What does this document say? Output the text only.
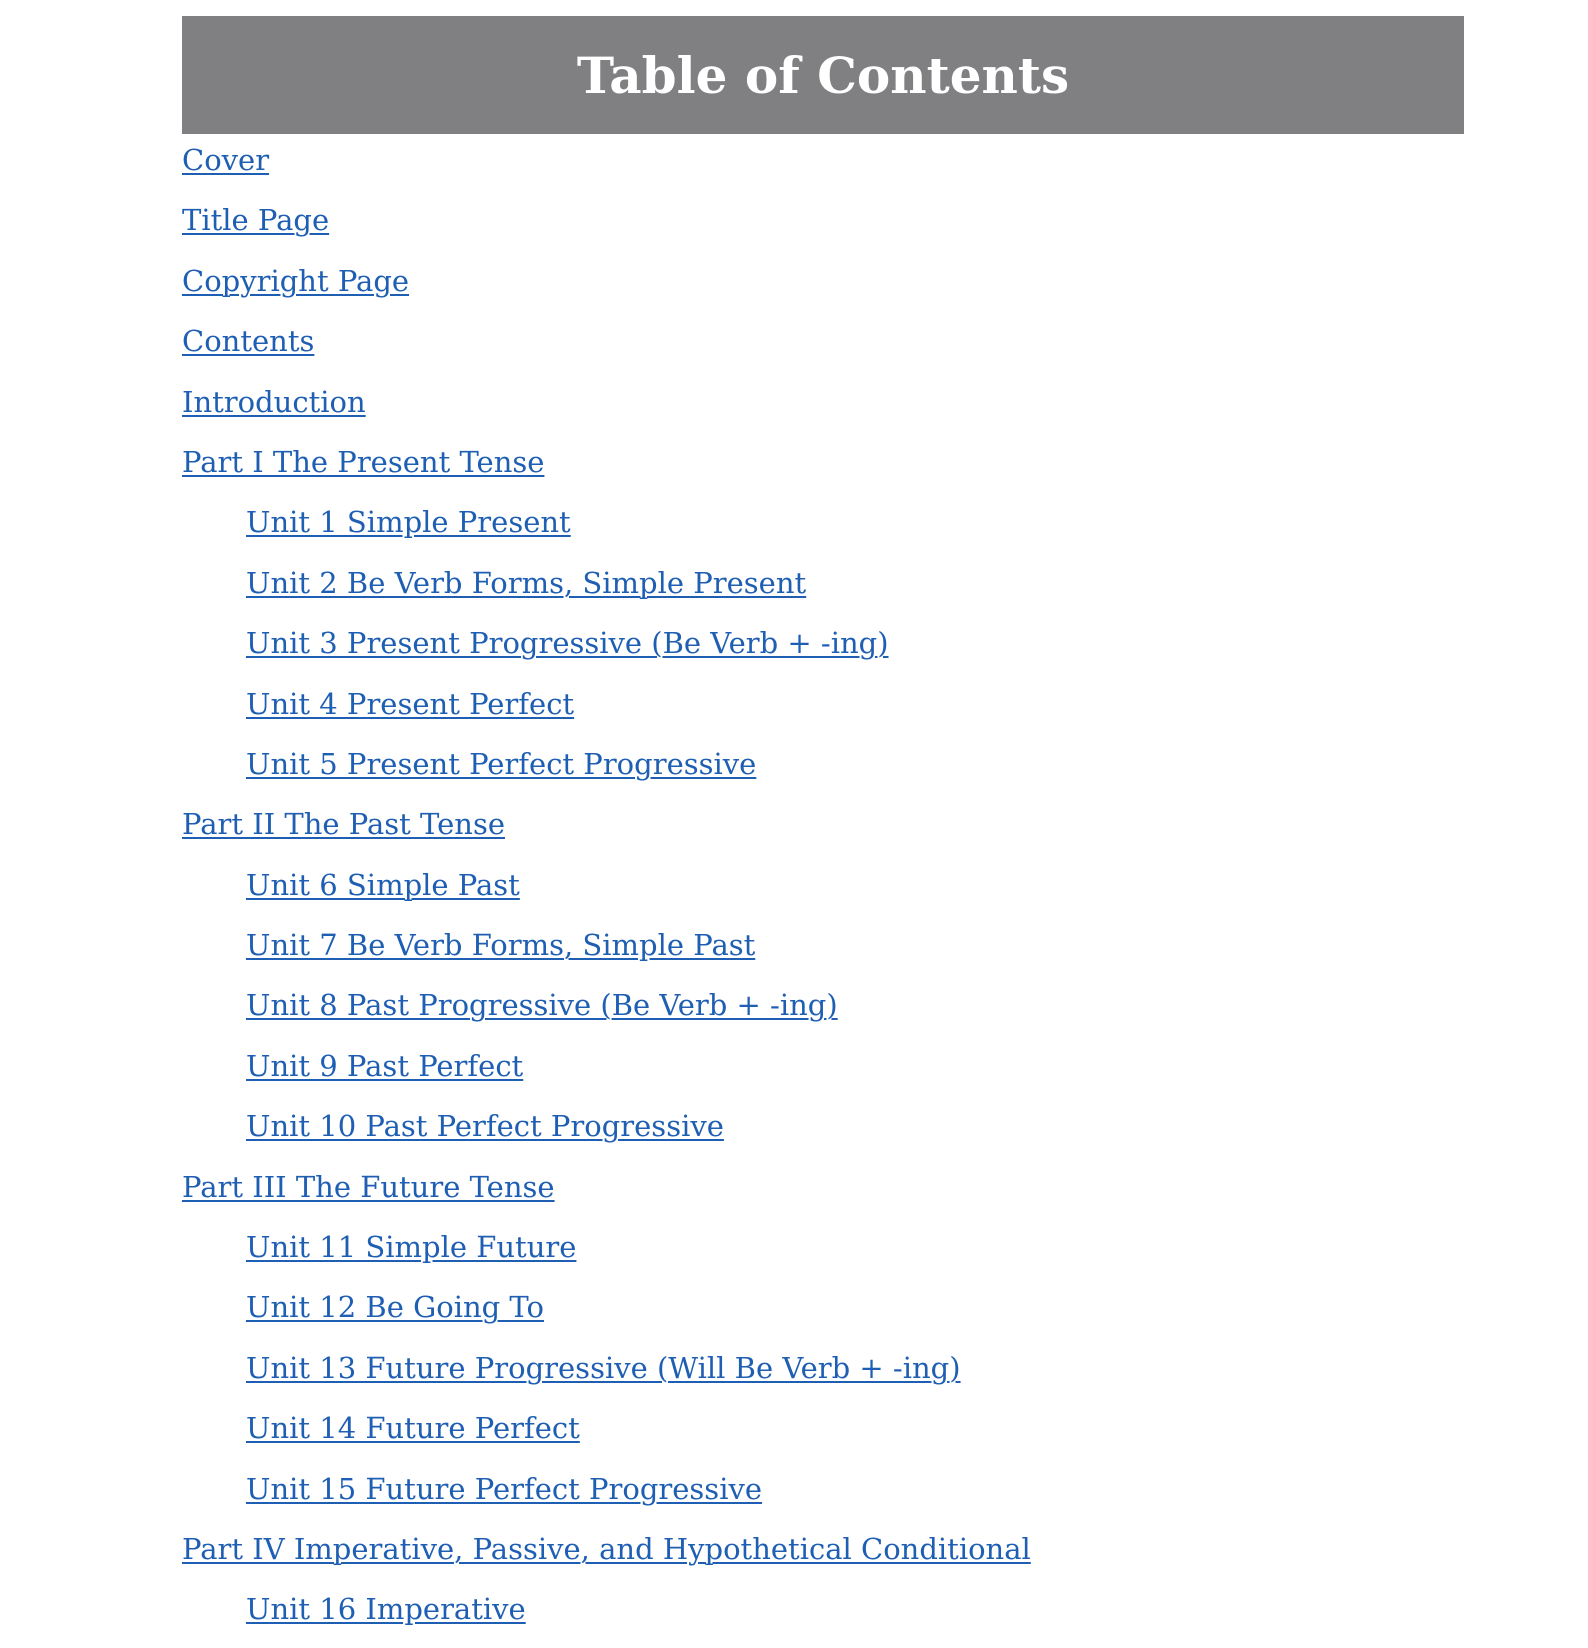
Table of Contents
Cover
Title Page
Copyright Page
Contents
Introduction
Part I The Present Tense
Unit 1 Simple Present
Unit 2 Be Verb Forms, Simple Present
Unit 3 Present Progressive (Be Verb + -ing)
Unit 4 Present Perfect
Unit 5 Present Perfect Progressive
Part II The Past Tense
Unit 6 Simple Past
Unit 7 Be Verb Forms, Simple Past
Unit 8 Past Progressive (Be Verb + -ing)
Unit 9 Past Perfect
Unit 10 Past Perfect Progressive
Part III The Future Tense
Unit 11 Simple Future
Unit 12 Be Going To
Unit 13 Future Progressive (Will Be Verb + -ing)
Unit 14 Future Perfect
Unit 15 Future Perfect Progressive
Part IV Imperative, Passive, and Hypothetical Conditional
Unit 16 Imperative
